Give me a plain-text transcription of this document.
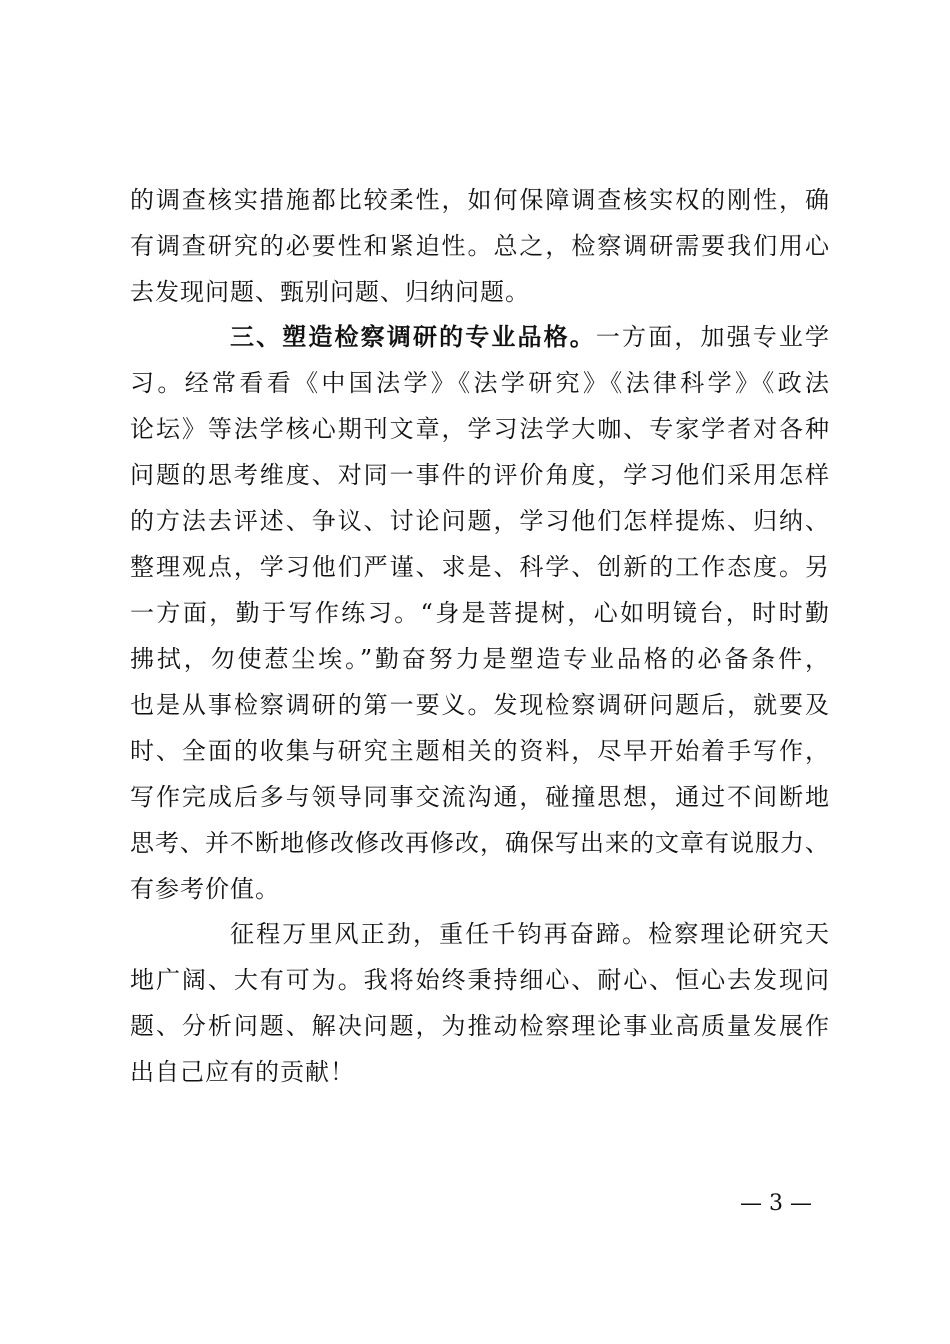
的调查核实措施都比较柔性，如何保障调查核实权的刚性，确
有调查研究的必要性和紧迫性。总之，检察调研需要我们用心
去发现问题、甄别问题、归纳问题。
三、塑造检察调研的专业品格。一方面，加强专业学
习。经常看看《中国法学》《法学研究》《法律科学》《政法
论坛》等法学核心期刊文章，学习法学大咖、专家学者对各种
问题的思考维度、对同一事件的评价角度，学习他们采用怎样
的方法去评述、争议、讨论问题，学习他们怎样提炼、归纳、
整理观点，学习他们严谨、求是、科学、创新的工作态度。另
一方面，勤于写作练习。“身是菩提树，心如明镜台，时时勤
拂拭，勿使惹尘埃。”勤奋努力是塑造专业品格的必备条件，
也是从事检察调研的第一要义。发现检察调研问题后，就要及
时、全面的收集与研究主题相关的资料，尽早开始着手写作，
写作完成后多与领导同事交流沟通，碰撞思想，通过不间断地
思考、并不断地修改修改再修改，确保写出来的文章有说服力、
有参考价值。
征程万里风正劲，重任千钧再奋蹄。检察理论研究天
地广阔、大有可为。我将始终秉持细心、耐心、恒心去发现问
题、分析问题、解决问题，为推动检察理论事业高质量发展作
出自己应有的贡献！
— 3 —
